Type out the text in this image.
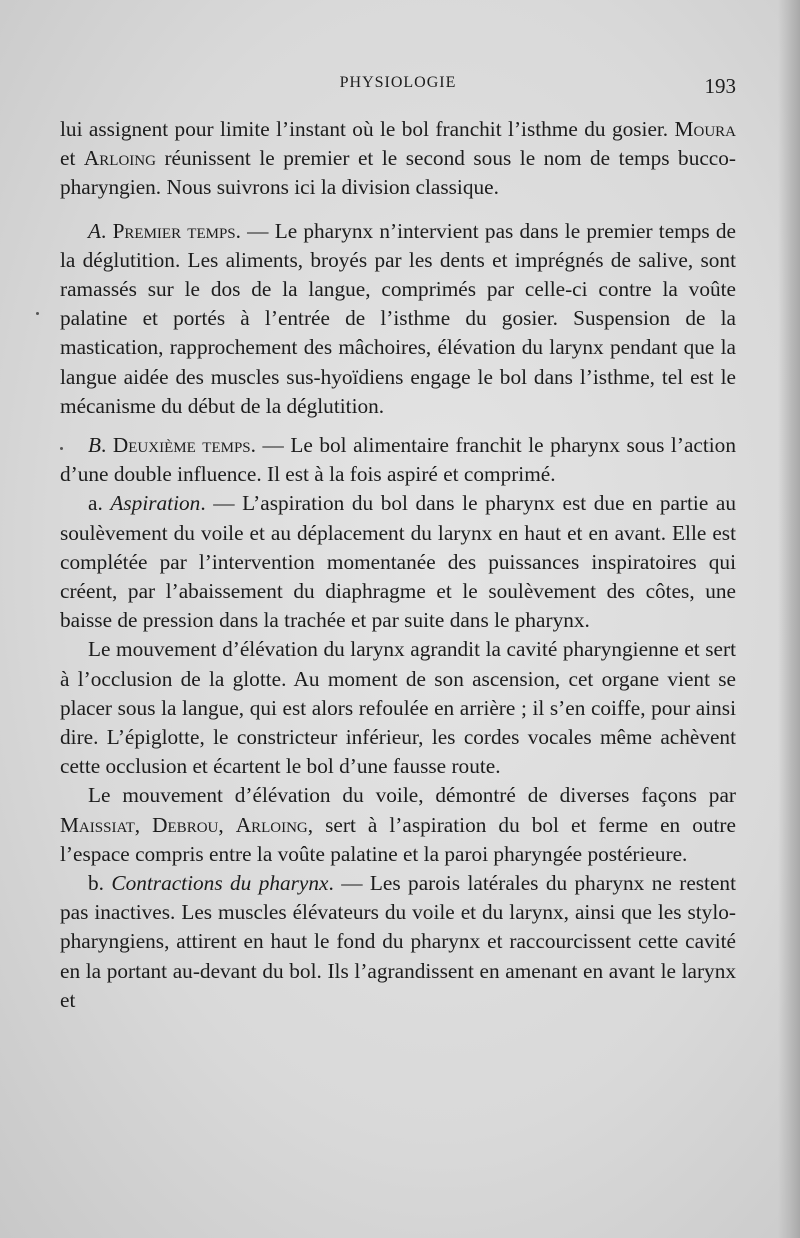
PHYSIOLOGIE	193

lui assignent pour limite l’instant où le bol franchit l’isthme du gosier. Moura et Arloing réunissent le premier et le second sous le nom de temps bucco-pharyngien. Nous suivrons ici la division classique.

A. Premier temps. — Le pharynx n’intervient pas dans le premier temps de la déglutition. Les aliments, broyés par les dents et imprégnés de salive, sont ramassés sur le dos de la langue, comprimés par celle-ci contre la voûte palatine et portés à l’entrée de l’isthme du gosier. Suspension de la mastication, rapprochement des mâchoires, élévation du larynx pendant que la langue aidée des muscles sus-hyoïdiens engage le bol dans l’isthme, tel est le mécanisme du début de la déglutition.

B. Deuxième temps. — Le bol alimentaire franchit le pharynx sous l’action d’une double influence. Il est à la fois aspiré et comprimé.

a. Aspiration. — L’aspiration du bol dans le pharynx est due en partie au soulèvement du voile et au déplacement du larynx en haut et en avant. Elle est complétée par l’intervention momentanée des puissances inspiratoires qui créent, par l’abaissement du diaphragme et le soulèvement des côtes, une baisse de pression dans la trachée et par suite dans le pharynx.

Le mouvement d’élévation du larynx agrandit la cavité pharyngienne et sert à l’occlusion de la glotte. Au moment de son ascension, cet organe vient se placer sous la langue, qui est alors refoulée en arrière ; il s’en coiffe, pour ainsi dire. L’épiglotte, le constricteur inférieur, les cordes vocales même achèvent cette occlusion et écartent le bol d’une fausse route.

Le mouvement d’élévation du voile, démontré de diverses façons par Maissiat, Debrou, Arloing, sert à l’aspiration du bol et ferme en outre l’espace compris entre la voûte palatine et la paroi pharyngée postérieure.

b. Contractions du pharynx. — Les parois latérales du pharynx ne restent pas inactives. Les muscles élévateurs du voile et du larynx, ainsi que les stylo-pharyngiens, attirent en haut le fond du pharynx et raccourcissent cette cavité en la portant au-devant du bol. Ils l’agrandissent en amenant en avant le larynx et
